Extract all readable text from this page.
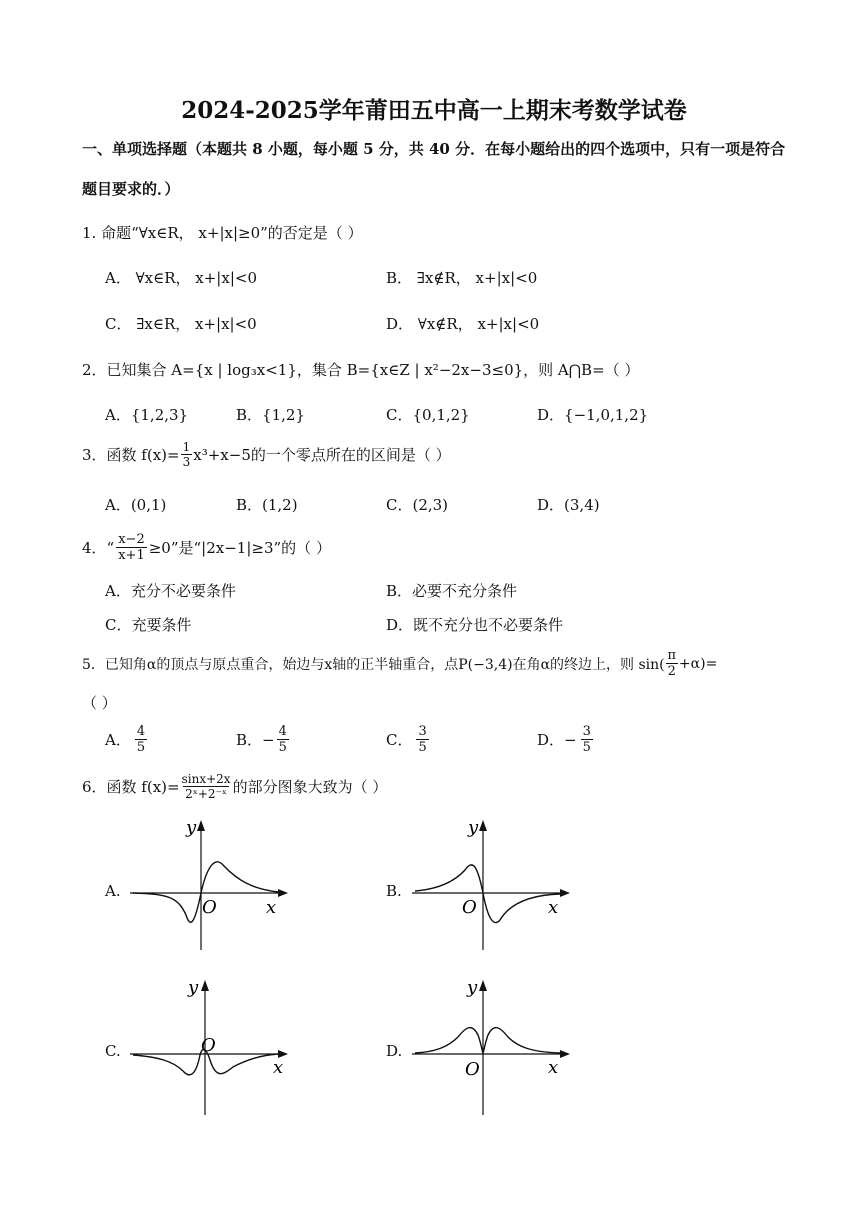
2024-2025学年莆田五中高一上期末考数学试卷
一、单项选择题（本题共 8 小题，每小题 5 分，共 40 分．在每小题给出的四个选项中，只有一项是符合
题目要求的．）
1. 命题“∀x∈R， x+|x|≥0”的否定是（ ）
A． ∀x∈R， x+|x|<0	B． ∃x∉R， x+|x|<0
C． ∃x∈R， x+|x|<0	D． ∀x∉R， x+|x|<0
2．已知集合 A={x | log₃x<1}，集合 B={x∈Z | x²−2x−3≤0}，则 A⋂B=（ ）
A．{1,2,3}	B．{1,2}	C．{0,1,2}	D．{−1,0,1,2}
3．函数 $f(x)= \frac{1}{3} x^3+x-5$的一个零点所在的区间是（ ）
A．(0,1)	B．(1,2)	C．(2,3)	D．(3,4)
4．“ $\frac{x-2}{x+1} \ge 0$”是“|2x−1|≥3”的（ ）
A．充分不必要条件	B．必要不充分条件
C．充要条件	D．既不充分也不必要条件
5．已知角α的顶点与原点重合，始边与x轴的正半轴重合，点P(−3,4)在角α的终边上，则 $\sin( \frac{\pi}{2} +\alpha)=$
（ ）
A． $\frac{4}{5}$	B．− $\frac{4}{5}$	C． $\frac{3}{5}$	D．− $\frac{3}{5}$
6．函数 $f(x)= \frac{\sin x+2x}{\text{2ˣ+2⁻ˣ}}$ 的部分图象大致为（ ）
A.	B.
C.	D.
y
x
O
y
x
O
y
x
O
y
x
O
